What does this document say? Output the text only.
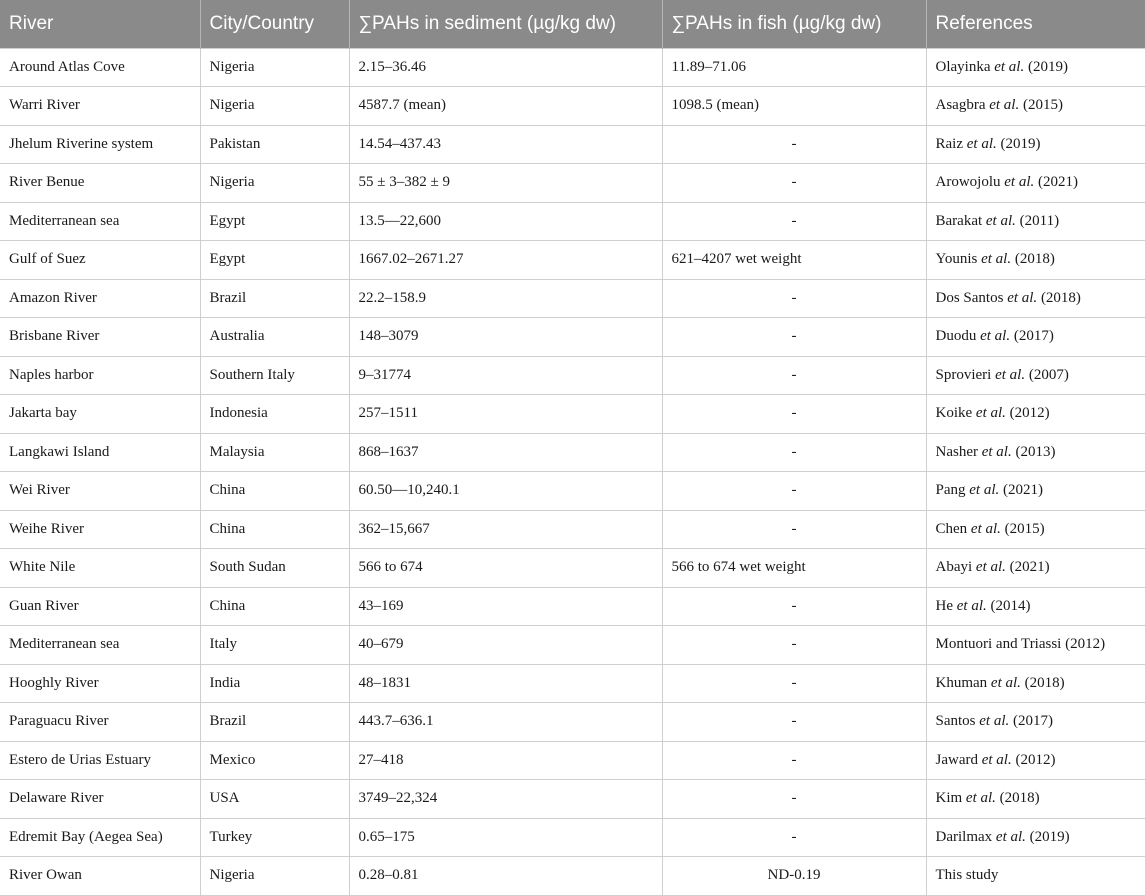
River	City/Country	∑PAHs in sediment (µg/kg dw)	∑PAHs in fish (µg/kg dw)	References
Around Atlas Cove	Nigeria	2.15–36.46	11.89–71.06	Olayinka et al. (2019)
Warri River	Nigeria	4587.7 (mean)	1098.5 (mean)	Asagbra et al. (2015)
Jhelum Riverine system	Pakistan	14.54–437.43	-	Raiz et al. (2019)
River Benue	Nigeria	55 ± 3–382 ± 9	-	Arowojolu et al. (2021)
Mediterranean sea	Egypt	13.5—22,600	-	Barakat et al. (2011)
Gulf of Suez	Egypt	1667.02–2671.27	621–4207 wet weight	Younis et al. (2018)
Amazon River	Brazil	22.2–158.9	-	Dos Santos et al. (2018)
Brisbane River	Australia	148–3079	-	Duodu et al. (2017)
Naples harbor	Southern Italy	9–31774	-	Sprovieri et al. (2007)
Jakarta bay	Indonesia	257–1511	-	Koike et al. (2012)
Langkawi Island	Malaysia	868–1637	-	Nasher et al. (2013)
Wei River	China	60.50—10,240.1	-	Pang et al. (2021)
Weihe River	China	362–15,667	-	Chen et al. (2015)
White Nile	South Sudan	566 to 674	566 to 674 wet weight	Abayi et al. (2021)
Guan River	China	43–169	-	He et al. (2014)
Mediterranean sea	Italy	40–679	-	Montuori and Triassi (2012)
Hooghly River	India	48–1831	-	Khuman et al. (2018)
Paraguacu River	Brazil	443.7–636.1	-	Santos et al. (2017)
Estero de Urias Estuary	Mexico	27–418	-	Jaward et al. (2012)
Delaware River	USA	3749–22,324	-	Kim et al. (2018)
Edremit Bay (Aegea Sea)	Turkey	0.65–175	-	Darilmax et al. (2019)
River Owan	Nigeria	0.28–0.81	ND-0.19	This study
